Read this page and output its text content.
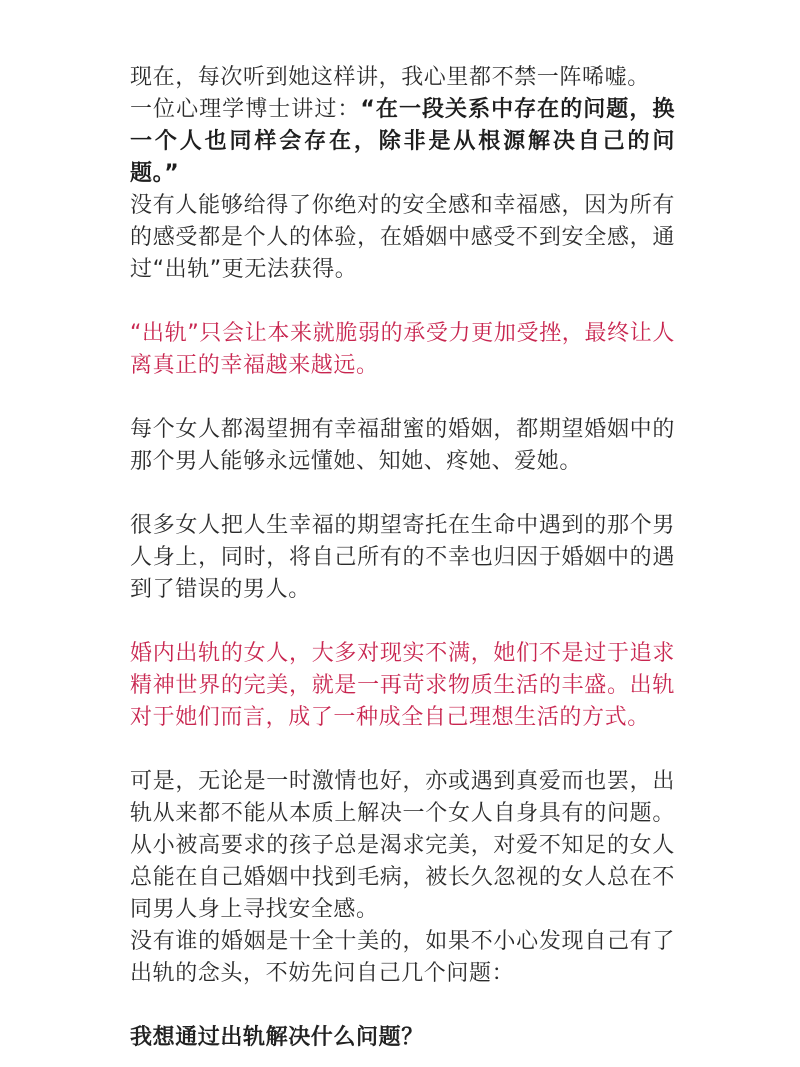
现在，每次听到她这样讲，我心里都不禁一阵唏嘘。

一位心理学博士讲过：“在一段关系中存在的问题，换一个人也同样会存在，除非是从根源解决自己的问题。”

没有人能够给得了你绝对的安全感和幸福感，因为所有的感受都是个人的体验，在婚姻中感受不到安全感，通过“出轨”更无法获得。

“出轨”只会让本来就脆弱的承受力更加受挫，最终让人离真正的幸福越来越远。

每个女人都渴望拥有幸福甜蜜的婚姻，都期望婚姻中的那个男人能够永远懂她、知她、疼她、爱她。

很多女人把人生幸福的期望寄托在生命中遇到的那个男人身上，同时，将自己所有的不幸也归因于婚姻中的遇到了错误的男人。

婚内出轨的女人，大多对现实不满，她们不是过于追求精神世界的完美，就是一再苛求物质生活的丰盛。出轨对于她们而言，成了一种成全自己理想生活的方式。

可是，无论是一时激情也好，亦或遇到真爱而也罢，出轨从来都不能从本质上解决一个女人自身具有的问题。从小被高要求的孩子总是渴求完美，对爱不知足的女人总能在自己婚姻中找到毛病，被长久忽视的女人总在不同男人身上寻找安全感。

没有谁的婚姻是十全十美的，如果不小心发现自己有了出轨的念头，不妨先问自己几个问题：

我想通过出轨解决什么问题？
